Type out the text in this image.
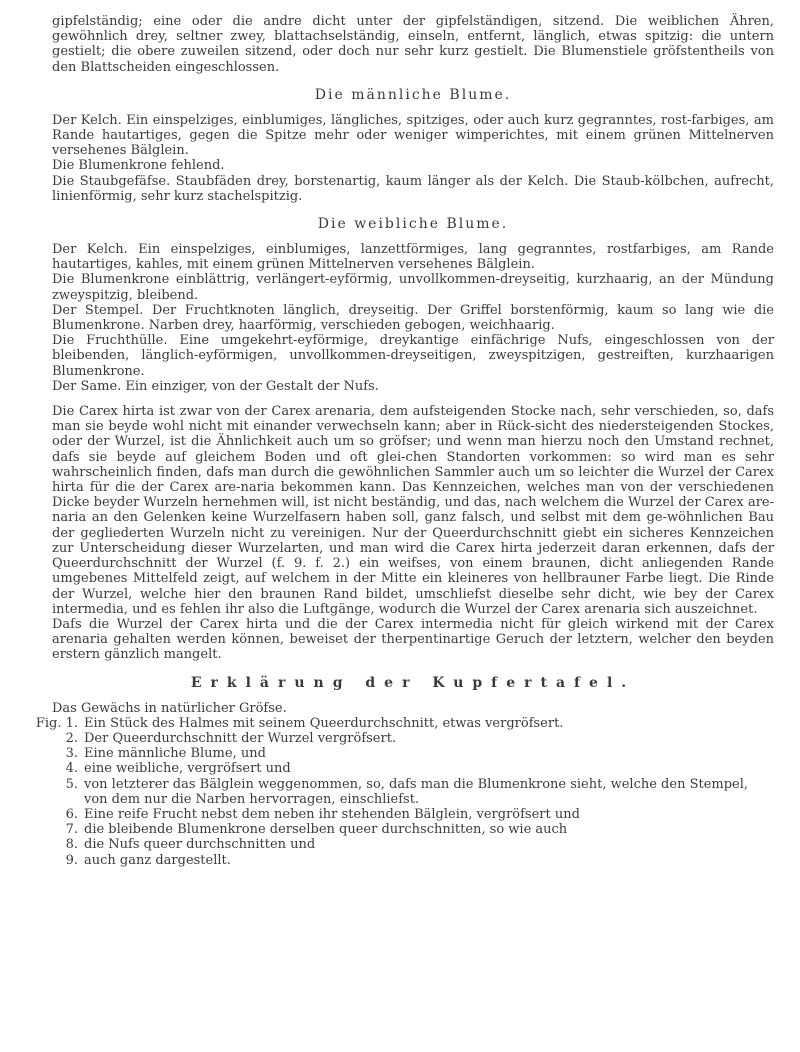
gipfelständig; eine oder die andre dicht unter der gipfelständigen, sitzend. Die weiblichen Ähren, gewöhnlich drey, seltner zwey, blattachselständig, einseln, entfernt, länglich, etwas spitzig: die untern gestielt; die obere zuweilen sitzend, oder doch nur sehr kurz gestielt. Die Blumenstiele gröfstentheils von den Blattscheiden eingeschlossen.

Die männliche Blume.

Der Kelch. Ein einspelziges, einblumiges, längliches, spitziges, oder auch kurz gegranntes, rost-farbiges, am Rande hautartiges, gegen die Spitze mehr oder weniger wimperichtes, mit einem grünen Mittelnerven versehenes Bälglein.

Die Blumenkrone fehlend.

Die Staubgefäfse. Staubfäden drey, borstenartig, kaum länger als der Kelch. Die Staub-kölbchen, aufrecht, linienförmig, sehr kurz stachelspitzig.

Die weibliche Blume.

Der Kelch. Ein einspelziges, einblumiges, lanzettförmiges, lang gegranntes, rostfarbiges, am Rande hautartiges, kahles, mit einem grünen Mittelnerven versehenes Bälglein.

Die Blumenkrone einblättrig, verlängert-eyförmig, unvollkommen-dreyseitig, kurzhaarig, an der Mündung zweyspitzig, bleibend.

Der Stempel. Der Fruchtknoten länglich, dreyseitig. Der Griffel borstenförmig, kaum so lang wie die Blumenkrone. Narben drey, haarförmig, verschieden gebogen, weichhaarig.

Die Fruchthülle. Eine umgekehrt-eyförmige, dreykantige einfächrige Nufs, eingeschlossen von der bleibenden, länglich-eyförmigen, unvollkommen-dreyseitigen, zweyspitzigen, gestreiften, kurzhaarigen Blumenkrone.

Der Same. Ein einziger, von der Gestalt der Nufs.

Die Carex hirta ist zwar von der Carex arenaria, dem aufsteigenden Stocke nach, sehr verschieden, so, dafs man sie beyde wohl nicht mit einander verwechseln kann; aber in Rück-sicht des niedersteigenden Stockes, oder der Wurzel, ist die Ähnlichkeit auch um so gröfser; und wenn man hierzu noch den Umstand rechnet, dafs sie beyde auf gleichem Boden und oft glei-chen Standorten vorkommen: so wird man es sehr wahrscheinlich finden, dafs man durch die gewöhnlichen Sammler auch um so leichter die Wurzel der Carex hirta für die der Carex are-naria bekommen kann. Das Kennzeichen, welches man von der verschiedenen Dicke beyder Wurzeln hernehmen will, ist nicht beständig, und das, nach welchem die Wurzel der Carex are-naria an den Gelenken keine Wurzelfasern haben soll, ganz falsch, und selbst mit dem ge-wöhnlichen Bau der gegliederten Wurzeln nicht zu vereinigen. Nur der Queerdurchschnitt giebt ein sicheres Kennzeichen zur Unterscheidung dieser Wurzelarten, und man wird die Carex hirta jederzeit daran erkennen, dafs der Queerdurchschnitt der Wurzel (f. 9. f. 2.) ein weifses, von einem braunen, dicht anliegenden Rande umgebenes Mittelfeld zeigt, auf welchem in der Mitte ein kleineres von hellbrauner Farbe liegt. Die Rinde der Wurzel, welche hier den braunen Rand bildet, umschliefst dieselbe sehr dicht, wie bey der Carex intermedia, und es fehlen ihr also die Luftgänge, wodurch die Wurzel der Carex arenaria sich auszeichnet.

Dafs die Wurzel der Carex hirta und die der Carex intermedia nicht für gleich wirkend mit der Carex arenaria gehalten werden können, beweiset der therpentinartige Geruch der letztern, welcher den beyden erstern gänzlich mangelt.

Erklärung der Kupfertafel.

Das Gewächs in natürlicher Gröfse.

Fig. 1. Ein Stück des Halmes mit seinem Queerdurchschnitt, etwas vergröfsert.
2. Der Queerdurchschnitt der Wurzel vergröfsert.
3. Eine männliche Blume, und
4. eine weibliche, vergröfsert und
5. von letzterer das Bälglein weggenommen, so, dafs man die Blumenkrone sieht, welche den Stempel, von dem nur die Narben hervorragen, einschliefst.
6. Eine reife Frucht nebst dem neben ihr stehenden Bälglein, vergröfsert und
7. die bleibende Blumenkrone derselben queer durchschnitten, so wie auch
8. die Nufs queer durchschnitten und
9. auch ganz dargestellt.
